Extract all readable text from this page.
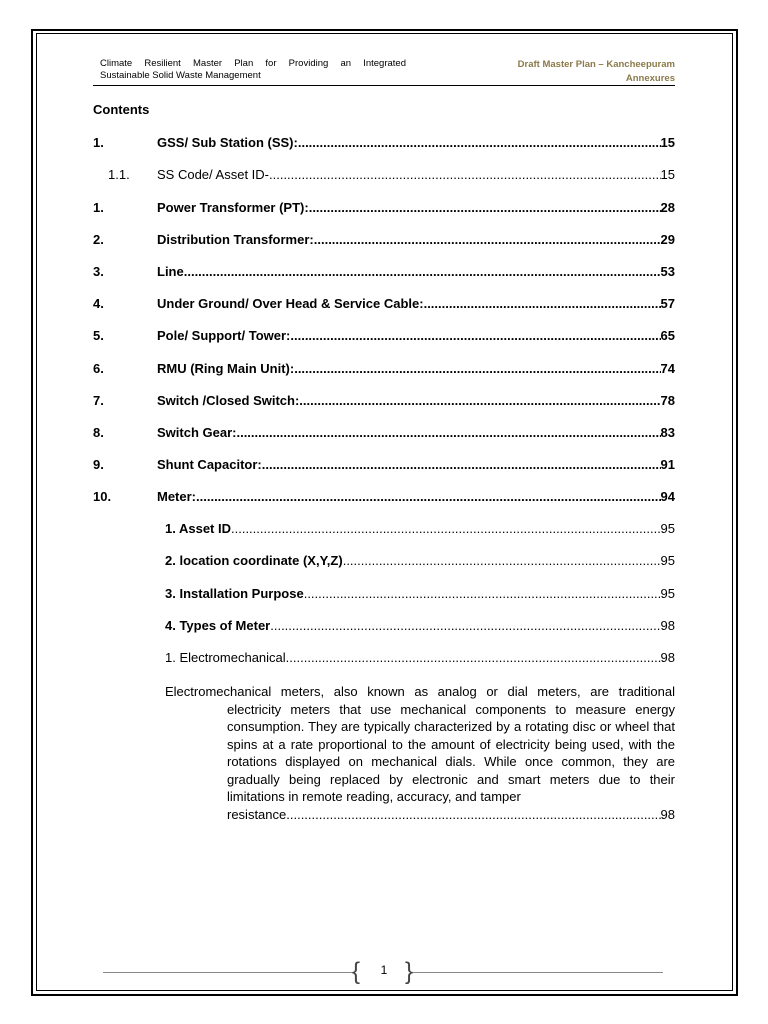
Climate Resilient Master Plan for Providing an Integrated
Sustainable Solid Waste Management
Draft Master Plan – Kancheepuram
Annexures
Contents
1.	GSS/ Sub Station (SS): .....	15
1.1.	SS Code/ Asset ID- .....	15
1.	Power Transformer (PT): .....	28
2.	Distribution Transformer: .....	29
3.	Line .....	53
4.	Under Ground/ Over Head & Service Cable: .....	57
5.	Pole/ Support/ Tower: .....	65
6.	RMU (Ring Main Unit): .....	74
7.	Switch /Closed Switch: .....	78
8.	Switch Gear: .....	83
9.	Shunt Capacitor: .....	91
10.	Meter: .....	94
1. Asset ID .....	95
2. location coordinate (X,Y,Z) .....	95
3. Installation Purpose .....	95
4. Types of Meter .....	98
1. Electromechanical .....	98
Electromechanical meters, also known as analog or dial meters, are traditional
electricity meters that use mechanical components to measure energy consumption. They are typically characterized by a rotating disc or wheel that spins at a rate proportional to the amount of electricity being used, with the rotations displayed on mechanical dials. While once common, they are gradually being replaced by electronic and smart meters due to their limitations in remote reading, accuracy, and tamper
resistance .....	98
{ }
1
